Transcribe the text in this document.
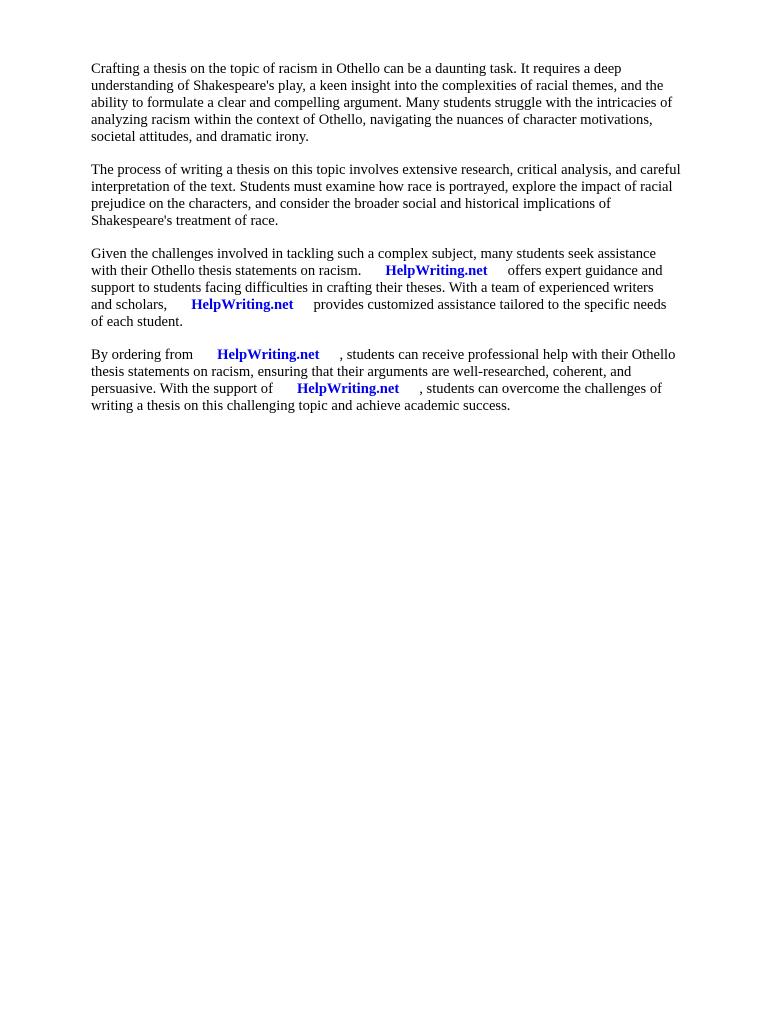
Crafting a thesis on the topic of racism in Othello can be a daunting task. It requires a deep
understanding of Shakespeare's play, a keen insight into the complexities of racial themes, and the
ability to formulate a clear and compelling argument. Many students struggle with the intricacies of
analyzing racism within the context of Othello, navigating the nuances of character motivations,
societal attitudes, and dramatic irony.

The process of writing a thesis on this topic involves extensive research, critical analysis, and careful
interpretation of the text. Students must examine how race is portrayed, explore the impact of racial
prejudice on the characters, and consider the broader social and historical implications of
Shakespeare's treatment of race.

Given the challenges involved in tackling such a complex subject, many students seek assistance
with their Othello thesis statements on racism. HelpWriting.net offers expert guidance and
support to students facing difficulties in crafting their theses. With a team of experienced writers
and scholars, HelpWriting.net provides customized assistance tailored to the specific needs
of each student.

By ordering from HelpWriting.net , students can receive professional help with their Othello
thesis statements on racism, ensuring that their arguments are well-researched, coherent, and
persuasive. With the support of HelpWriting.net , students can overcome the challenges of
writing a thesis on this challenging topic and achieve academic success.
